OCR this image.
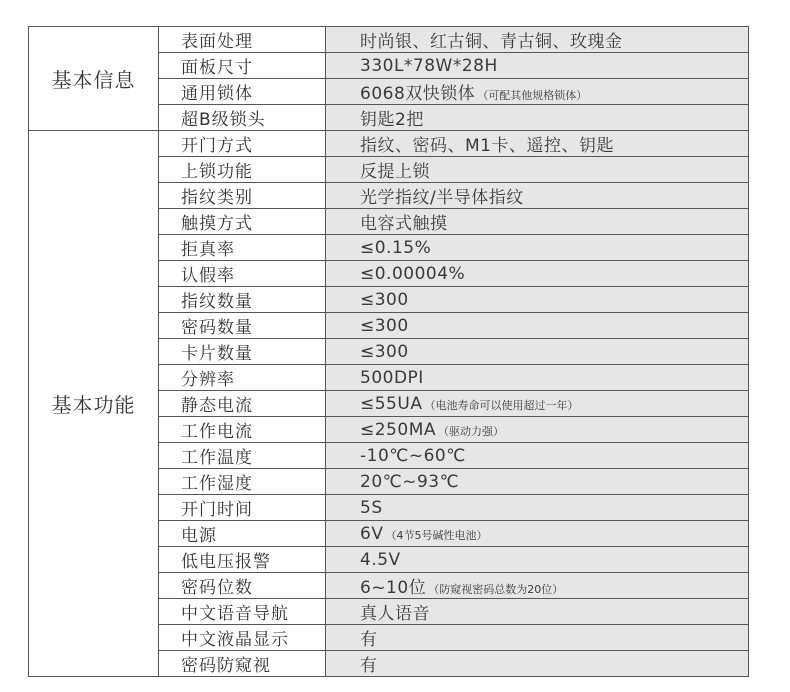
基本信息	表面处理	时尚银、红古铜、青古铜、玫瑰金
	面板尺寸	330L*78W*28H
	通用锁体	6068双快锁体 （可配其他规格锁体）
	超B级锁头	钥匙2把
基本功能	开门方式	指纹、密码、M1卡、遥控、钥匙
	上锁功能	反提上锁
	指纹类别	光学指纹/半导体指纹
	触摸方式	电容式触摸
	拒真率	≤0.15%
	认假率	≤0.00004%
	指纹数量	≤300
	密码数量	≤300
	卡片数量	≤300
	分辨率	500DPI
	静态电流	≤55UA （电池寿命可以使用超过一年）
	工作电流	≤250MA （驱动力强）
	工作温度	-10℃~60℃
	工作湿度	20℃~93℃
	开门时间	5S
	电源	6V （4节5号碱性电池）
	低电压报警	4.5V
	密码位数	6~10位 （防窥视密码总数为20位）
	中文语音导航	真人语音
	中文液晶显示	有
	密码防窥视	有
